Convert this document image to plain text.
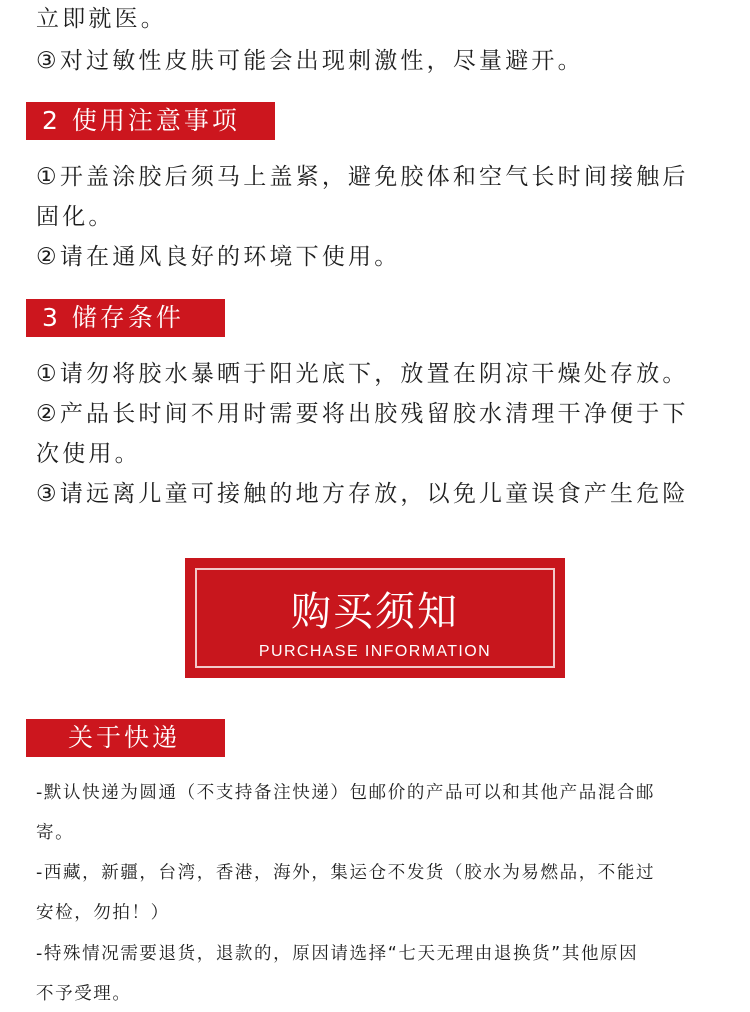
立即就医。
③对过敏性皮肤可能会出现刺激性，尽量避开。
2 使用注意事项
①开盖涂胶后须马上盖紧，避免胶体和空气长时间接触后
固化。
②请在通风良好的环境下使用。
3 储存条件
①请勿将胶水暴晒于阳光底下，放置在阴凉干燥处存放。
②产品长时间不用时需要将出胶残留胶水清理干净便于下
次使用。
③请远离儿童可接触的地方存放，以免儿童误食产生危险
购买须知
PURCHASE INFORMATION
关于快递
-默认快递为圆通（不支持备注快递）包邮价的产品可以和其他产品混合邮
寄。
-西藏，新疆，台湾，香港，海外，集运仓不发货（胶水为易燃品，不能过
安检，勿拍！）
-特殊情况需要退货，退款的，原因请选择“七天无理由退换货”其他原因
不予受理。
